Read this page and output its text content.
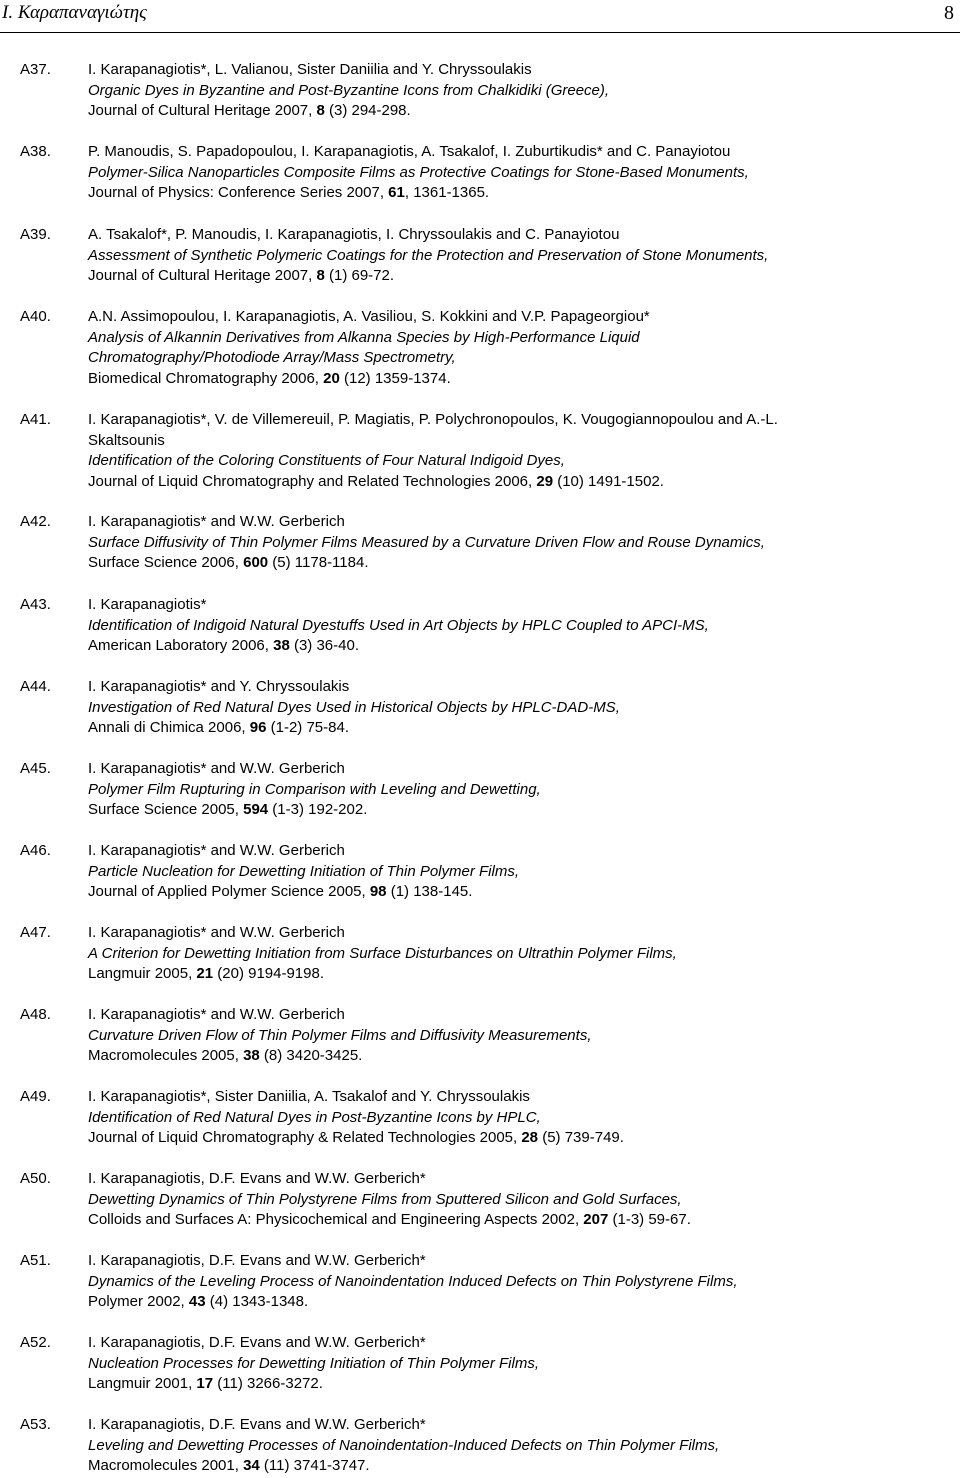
Ι. Καραπαναγιώτης	8
A37. I. Karapanagiotis*, L. Valianou, Sister Daniilia and Y. Chryssoulakis
Organic Dyes in Byzantine and Post-Byzantine Icons from Chalkidiki (Greece),
Journal of Cultural Heritage 2007, 8 (3) 294-298.
A38. P. Manoudis, S. Papadopoulou, I. Karapanagiotis, A. Tsakalof, I. Zuburtikudis* and C. Panayiotou
Polymer-Silica Nanoparticles Composite Films as Protective Coatings for Stone-Based Monuments,
Journal of Physics: Conference Series 2007, 61, 1361-1365.
A39. A. Tsakalof*, P. Manoudis, I. Karapanagiotis, I. Chryssoulakis and C. Panayiotou
Assessment of Synthetic Polymeric Coatings for the Protection and Preservation of Stone Monuments,
Journal of Cultural Heritage 2007, 8 (1) 69-72.
A40. A.N. Assimopoulou, I. Karapanagiotis, A. Vasiliou, S. Kokkini and V.P. Papageorgiou*
Analysis of Alkannin Derivatives from Alkanna Species by High-Performance Liquid
Chromatography/Photodiode Array/Mass Spectrometry,
Biomedical Chromatography 2006, 20 (12) 1359-1374.
A41. I. Karapanagiotis*, V. de Villemereuil, P. Magiatis, P. Polychronopoulos, K. Vougogiannopoulou and A.-L.
Skaltsounis
Identification of the Coloring Constituents of Four Natural Indigoid Dyes,
Journal of Liquid Chromatography and Related Technologies 2006, 29 (10) 1491-1502.
A42. I. Karapanagiotis* and W.W. Gerberich
Surface Diffusivity of Thin Polymer Films Measured by a Curvature Driven Flow and Rouse Dynamics,
Surface Science 2006, 600 (5) 1178-1184.
A43. I. Karapanagiotis*
Identification of Indigoid Natural Dyestuffs Used in Art Objects by HPLC Coupled to APCI-MS,
American Laboratory 2006, 38 (3) 36-40.
A44. I. Karapanagiotis* and Y. Chryssoulakis
Investigation of Red Natural Dyes Used in Historical Objects by HPLC-DAD-MS,
Annali di Chimica 2006, 96 (1-2) 75-84.
A45. I. Karapanagiotis* and W.W. Gerberich
Polymer Film Rupturing in Comparison with Leveling and Dewetting,
Surface Science 2005, 594 (1-3) 192-202.
A46. I. Karapanagiotis* and W.W. Gerberich
Particle Nucleation for Dewetting Initiation of Thin Polymer Films,
Journal of Applied Polymer Science 2005, 98 (1) 138-145.
A47. I. Karapanagiotis* and W.W. Gerberich
A Criterion for Dewetting Initiation from Surface Disturbances on Ultrathin Polymer Films,
Langmuir 2005, 21 (20) 9194-9198.
A48. I. Karapanagiotis* and W.W. Gerberich
Curvature Driven Flow of Thin Polymer Films and Diffusivity Measurements,
Macromolecules 2005, 38 (8) 3420-3425.
A49. I. Karapanagiotis*, Sister Daniilia, A. Tsakalof and Y. Chryssoulakis
Identification of Red Natural Dyes in Post-Byzantine Icons by HPLC,
Journal of Liquid Chromatography & Related Technologies 2005, 28 (5) 739-749.
A50. I. Karapanagiotis, D.F. Evans and W.W. Gerberich*
Dewetting Dynamics of Thin Polystyrene Films from Sputtered Silicon and Gold Surfaces,
Colloids and Surfaces A: Physicochemical and Engineering Aspects 2002, 207 (1-3) 59-67.
A51. I. Karapanagiotis, D.F. Evans and W.W. Gerberich*
Dynamics of the Leveling Process of Nanoindentation Induced Defects on Thin Polystyrene Films,
Polymer 2002, 43 (4) 1343-1348.
A52. I. Karapanagiotis, D.F. Evans and W.W. Gerberich*
Nucleation Processes for Dewetting Initiation of Thin Polymer Films,
Langmuir 2001, 17 (11) 3266-3272.
A53. I. Karapanagiotis, D.F. Evans and W.W. Gerberich*
Leveling and Dewetting Processes of Nanoindentation-Induced Defects on Thin Polymer Films,
Macromolecules 2001, 34 (11) 3741-3747.
